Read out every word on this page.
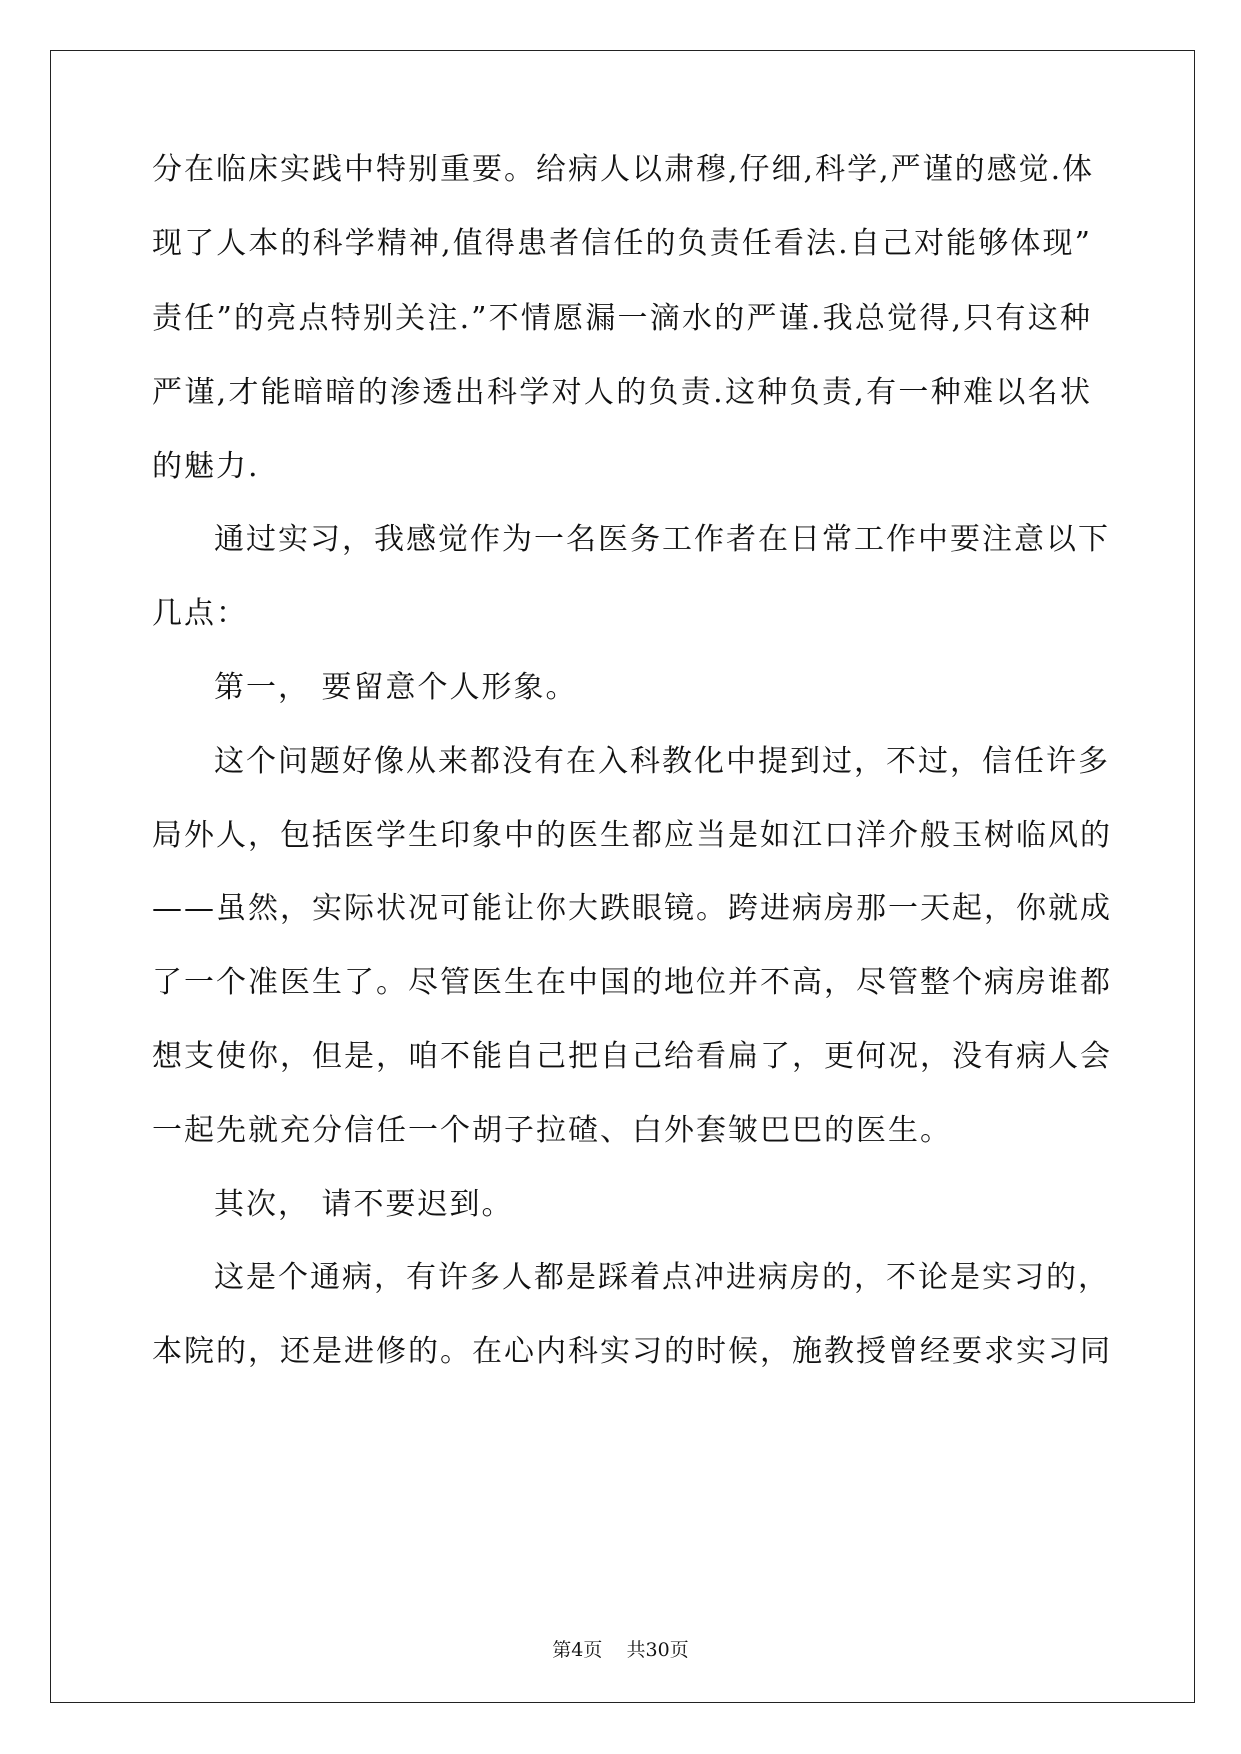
分在临床实践中特别重要。给病人以肃穆,仔细,科学,严谨的感觉.体
现了人本的科学精神,值得患者信任的负责任看法.自己对能够体现”
责任”的亮点特别关注.”不情愿漏一滴水的严谨.我总觉得,只有这种
严谨,才能暗暗的渗透出科学对人的负责.这种负责,有一种难以名状
的魅力.
通过实习，我感觉作为一名医务工作者在日常工作中要注意以下
几点：
第一， 要留意个人形象。
这个问题好像从来都没有在入科教化中提到过，不过，信任许多
局外人，包括医学生印象中的医生都应当是如江口洋介般玉树临风的
——虽然，实际状况可能让你大跌眼镜。跨进病房那一天起，你就成
了一个准医生了。尽管医生在中国的地位并不高，尽管整个病房谁都
想支使你，但是，咱不能自己把自己给看扁了，更何况，没有病人会
一起先就充分信任一个胡子拉碴、白外套皱巴巴的医生。
其次， 请不要迟到。
这是个通病，有许多人都是踩着点冲进病房的，不论是实习的，
本院的，还是进修的。在心内科实习的时候，施教授曾经要求实习同
第4页    共30页
